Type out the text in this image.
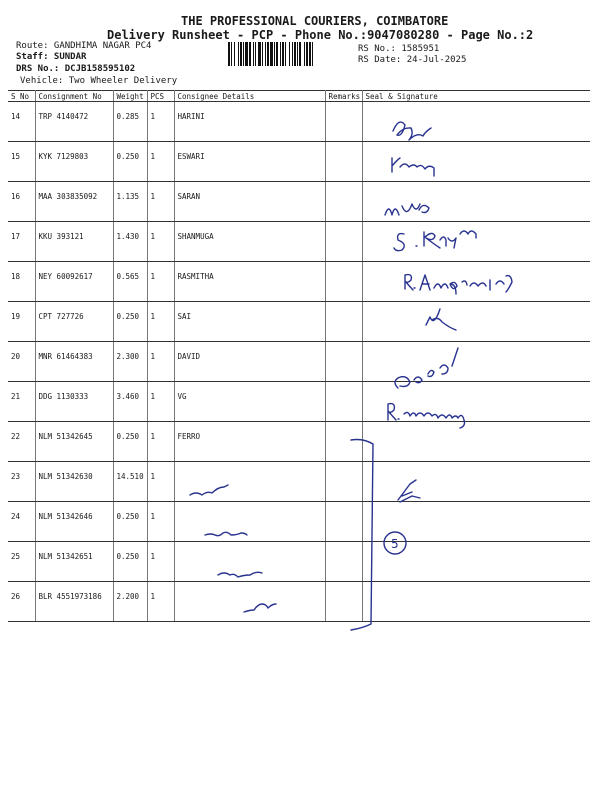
THE PROFESSIONAL COURIERS, COIMBATORE
Delivery Runsheet - PCP - Phone No.:9047080280 - Page No.:2
Route: GANDHIMA NAGAR PC4
Staff: SUNDAR
DRS No.: DCJB158595102
Vehicle: Two Wheeler Delivery
RS No.: 1585951
RS Date: 24-Jul-2025
S No	Consignment No	Weight	PCS	Consignee Details	Remarks	Seal & Signature
14	TRP 4140472	0.285	1	HARINI		
15	KYK 7129803	0.250	1	ESWARI		
16	MAA 303835092	1.135	1	SARAN		
17	KKU 393121	1.430	1	SHANMUGA		
18	NEY 60092617	0.565	1	RASMITHA		
19	CPT 727726	0.250	1	SAI		
20	MNR 61464383	2.300	1	DAVID		
21	DDG 1130333	3.460	1	VG		
22	NLM 51342645	0.250	1	FERRO		
23	NLM 51342630	14.510	1			
24	NLM 51342646	0.250	1			
25	NLM 51342651	0.250	1			
26	BLR 4551973186	2.200	1			
5
